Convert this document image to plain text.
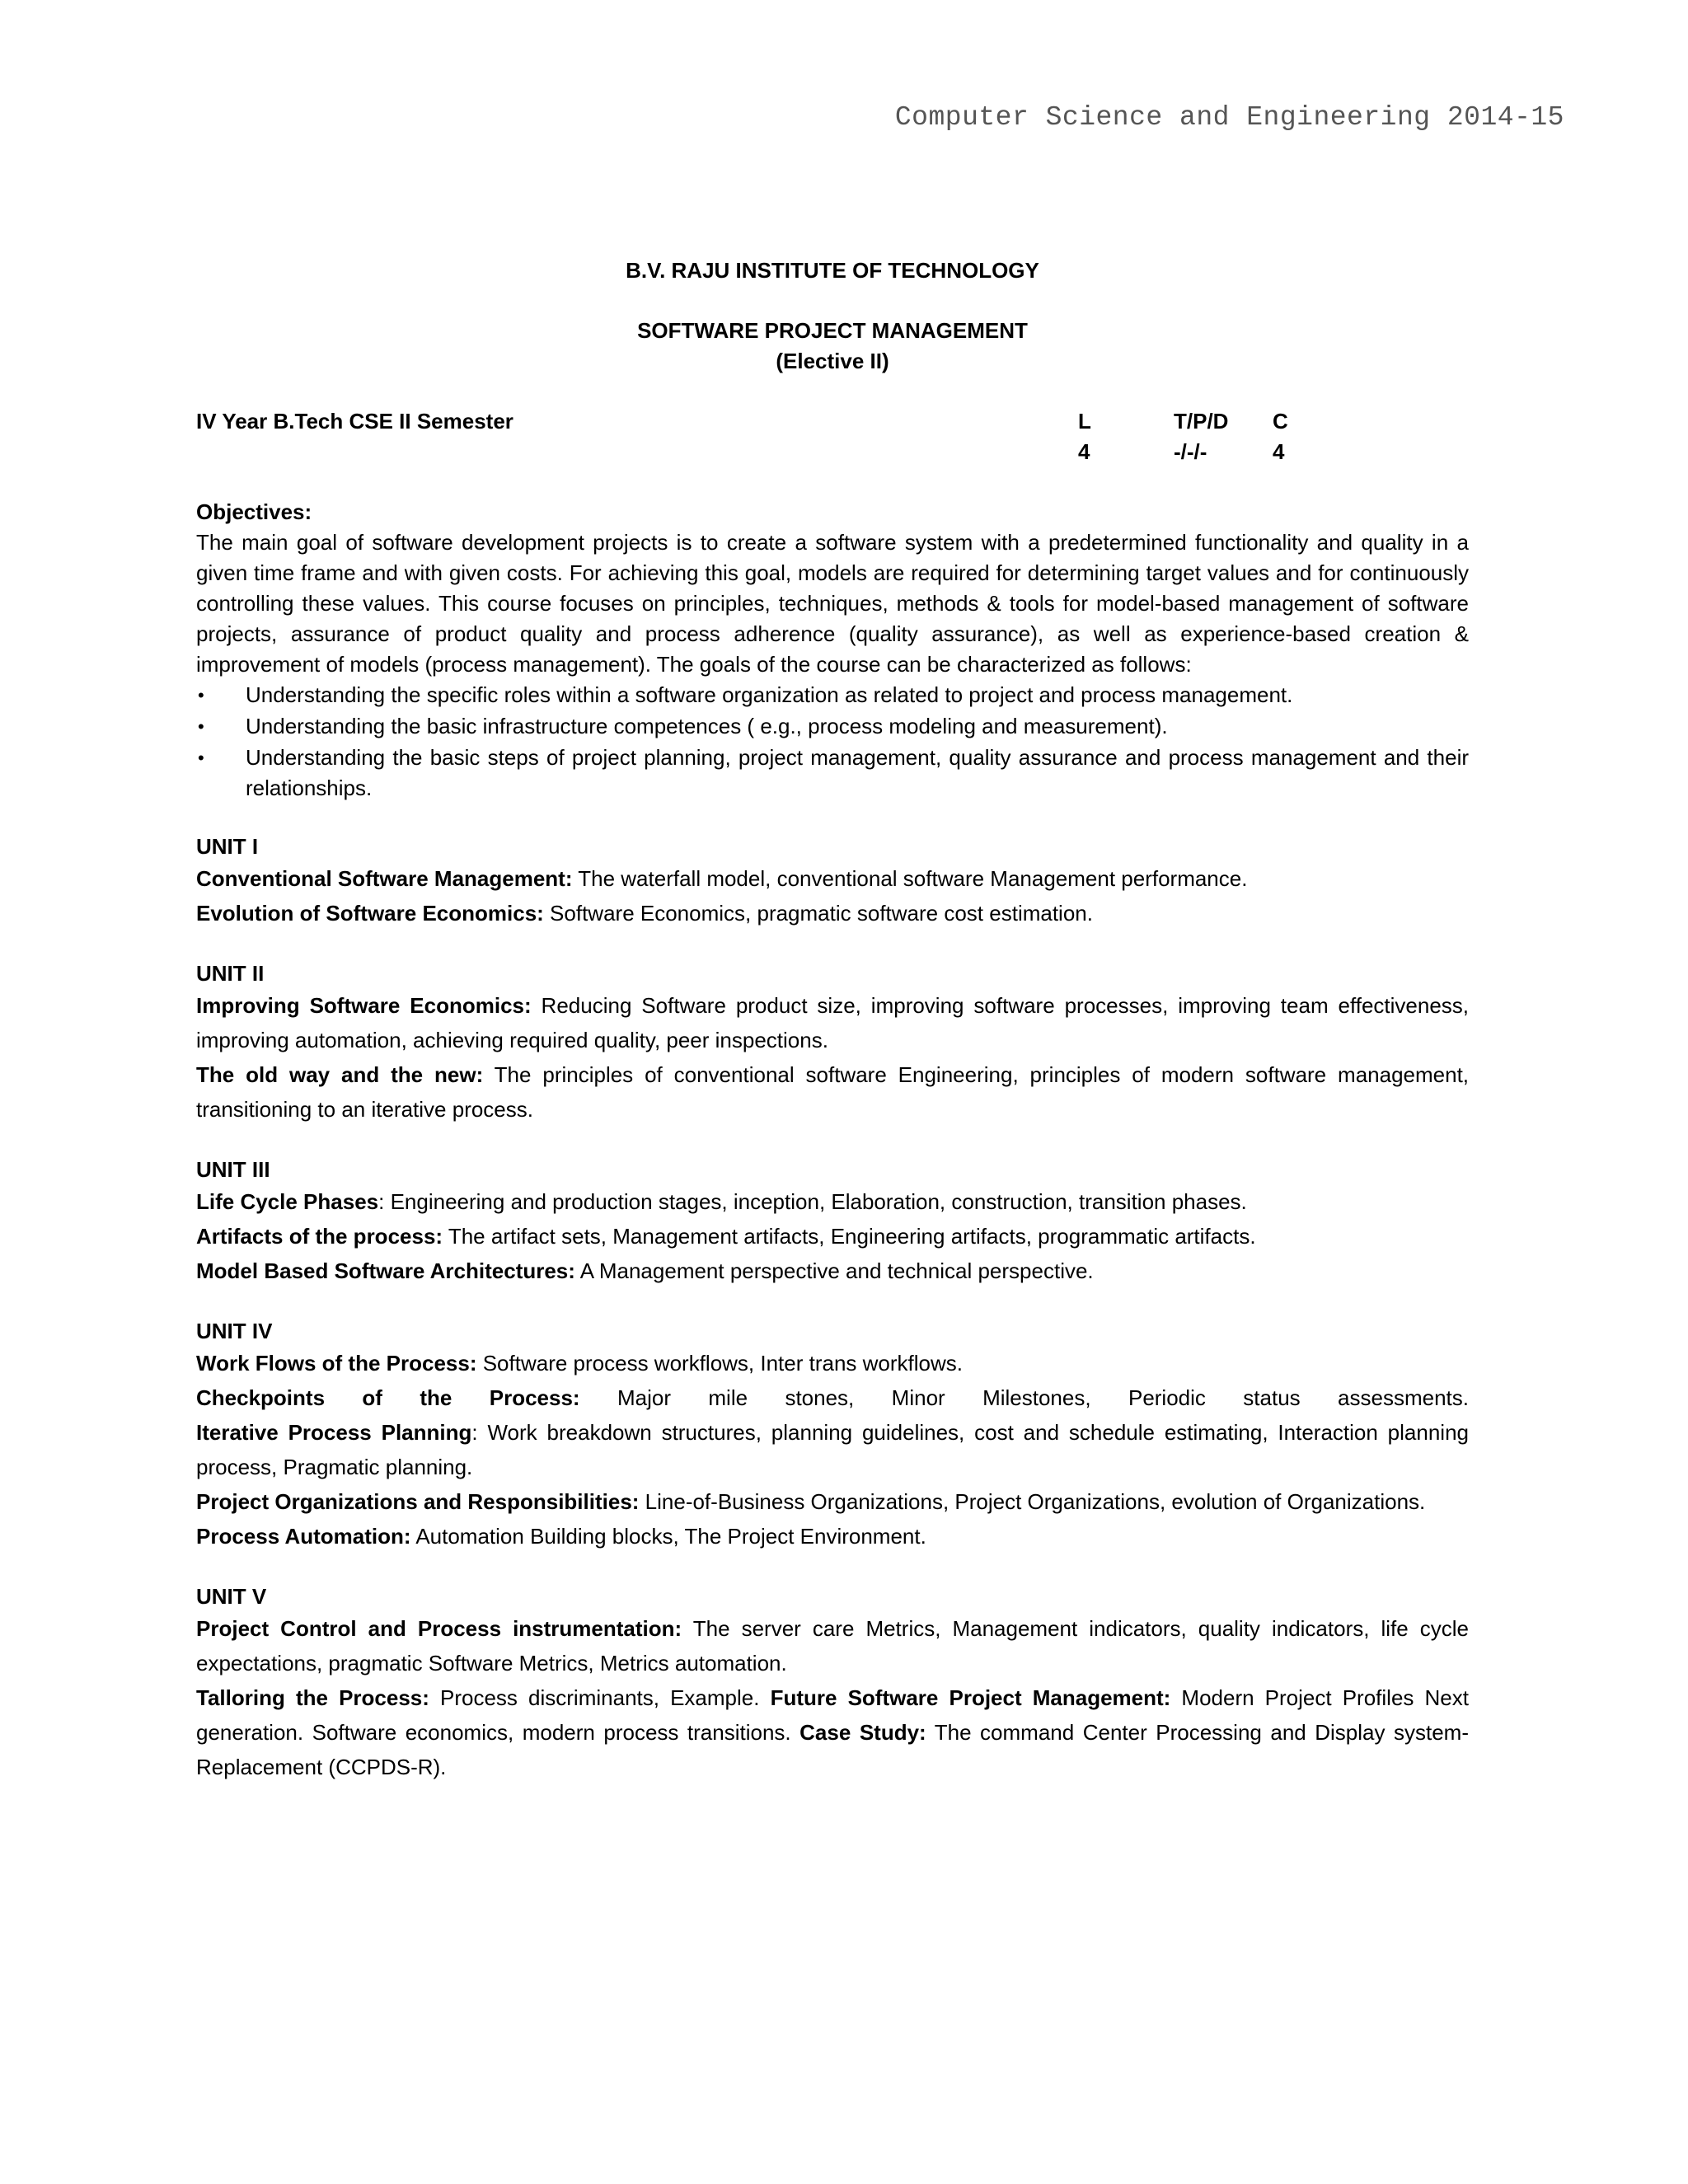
Computer Science and Engineering 2014-15

B.V. RAJU INSTITUTE OF TECHNOLOGY

SOFTWARE PROJECT MANAGEMENT

(Elective II)

IV Year B.Tech CSE II Semester	L
4
T/P/D
-/-/-
C
4

Objectives:

The main goal of software development projects is to create a software system with a predetermined functionality and quality in a given time frame and with given costs. For achieving this goal, models are required for determining target values and for continuously controlling these values. This course focuses on principles, techniques, methods & tools for model-based management of software projects, assurance of product quality and process adherence (quality assurance), as well as experience-based creation & improvement of models (process management). The goals of the course can be characterized as follows:

• Understanding the specific roles within a software organization as related to project and process management.
• Understanding the basic infrastructure competences ( e.g., process modeling and measurement).
• Understanding the basic steps of project planning, project management, quality assurance and process management and their relationships.

UNIT I

Conventional Software Management: The waterfall model, conventional software Management performance.

Evolution of Software Economics: Software Economics, pragmatic software cost estimation.

UNIT II

Improving Software Economics: Reducing Software product size, improving software processes, improving team effectiveness, improving automation, achieving required quality, peer inspections.

The old way and the new: The principles of conventional software Engineering, principles of modern software management, transitioning to an iterative process.

UNIT III

Life Cycle Phases: Engineering and production stages, inception, Elaboration, construction, transition phases.

Artifacts of the process: The artifact sets, Management artifacts, Engineering artifacts, programmatic artifacts.

Model Based Software Architectures: A Management perspective and technical perspective.

UNIT IV

Work Flows of the Process: Software process workflows, Inter trans workflows.

Checkpoints of the Process: Major mile stones, Minor Milestones, Periodic status assessments.

Iterative Process Planning: Work breakdown structures, planning guidelines, cost and schedule estimating, Interaction planning process, Pragmatic planning.

Project Organizations and Responsibilities: Line-of-Business Organizations, Project Organizations, evolution of Organizations.

Process Automation: Automation Building blocks, The Project Environment.

UNIT V

Project Control and Process instrumentation: The server care Metrics, Management indicators, quality indicators, life cycle expectations, pragmatic Software Metrics, Metrics automation.

Talloring the Process: Process discriminants, Example. Future Software Project Management: Modern Project Profiles Next generation. Software economics, modern process transitions. Case Study: The command Center Processing and Display system-Replacement (CCPDS-R).
